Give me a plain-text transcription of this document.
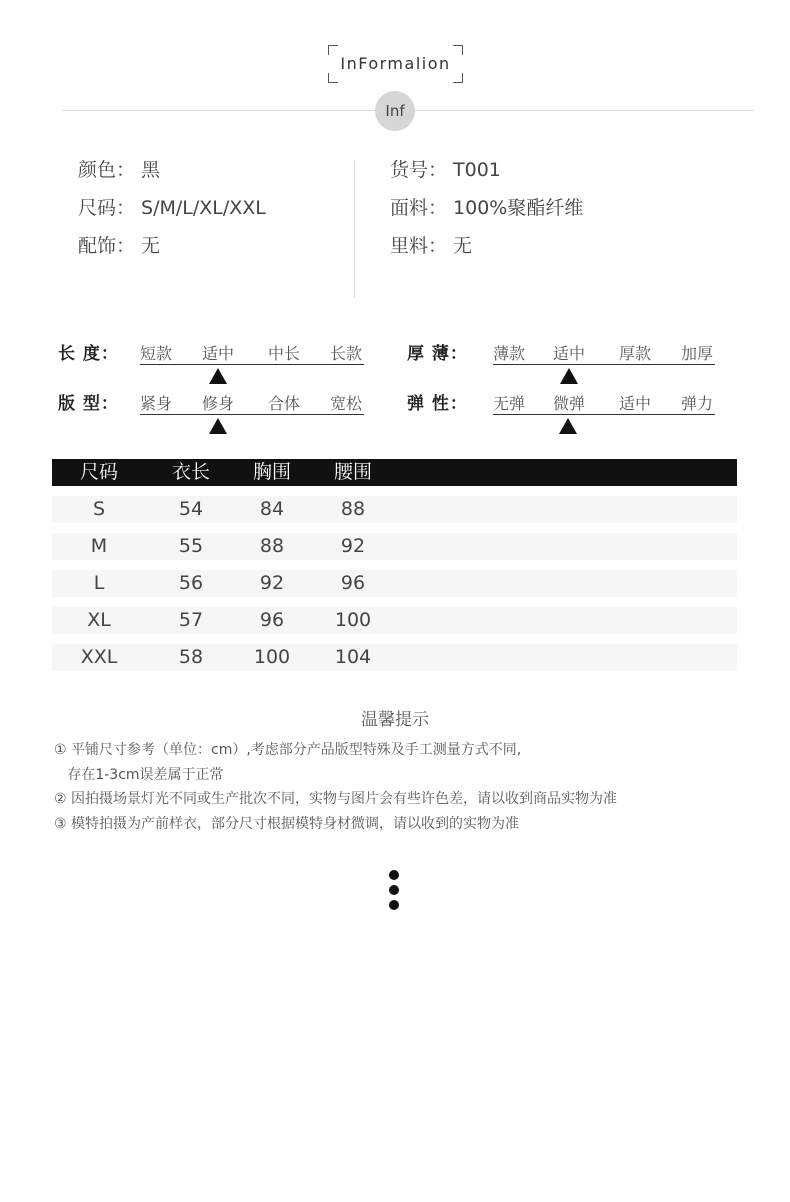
InFormalion
Inf
颜色： 黑
尺码： S/M/L/XL/XXL
配饰： 无
货号： T001
面料： 100%聚酯纤维
里料： 无
长 度： 短款 适中 中长 长款	厚 薄： 薄款 适中 厚款 加厚
版 型： 紧身 修身 合体 宽松	弹 性： 无弹 微弹 适中 弹力
尺码	衣长	胸围	腰围
S	54	84	88
M	55	88	92
L	56	92	96
XL	57	96	100
XXL	58	100	104
温馨提示
① 平铺尺寸参考（单位：cm）,考虑部分产品版型特殊及手工测量方式不同,
存在1-3cm误差属于正常
② 因拍摄场景灯光不同或生产批次不同，实物与图片会有些许色差，请以收到商品实物为准
③ 模特拍摄为产前样衣，部分尺寸根据模特身材微调，请以收到的实物为准
